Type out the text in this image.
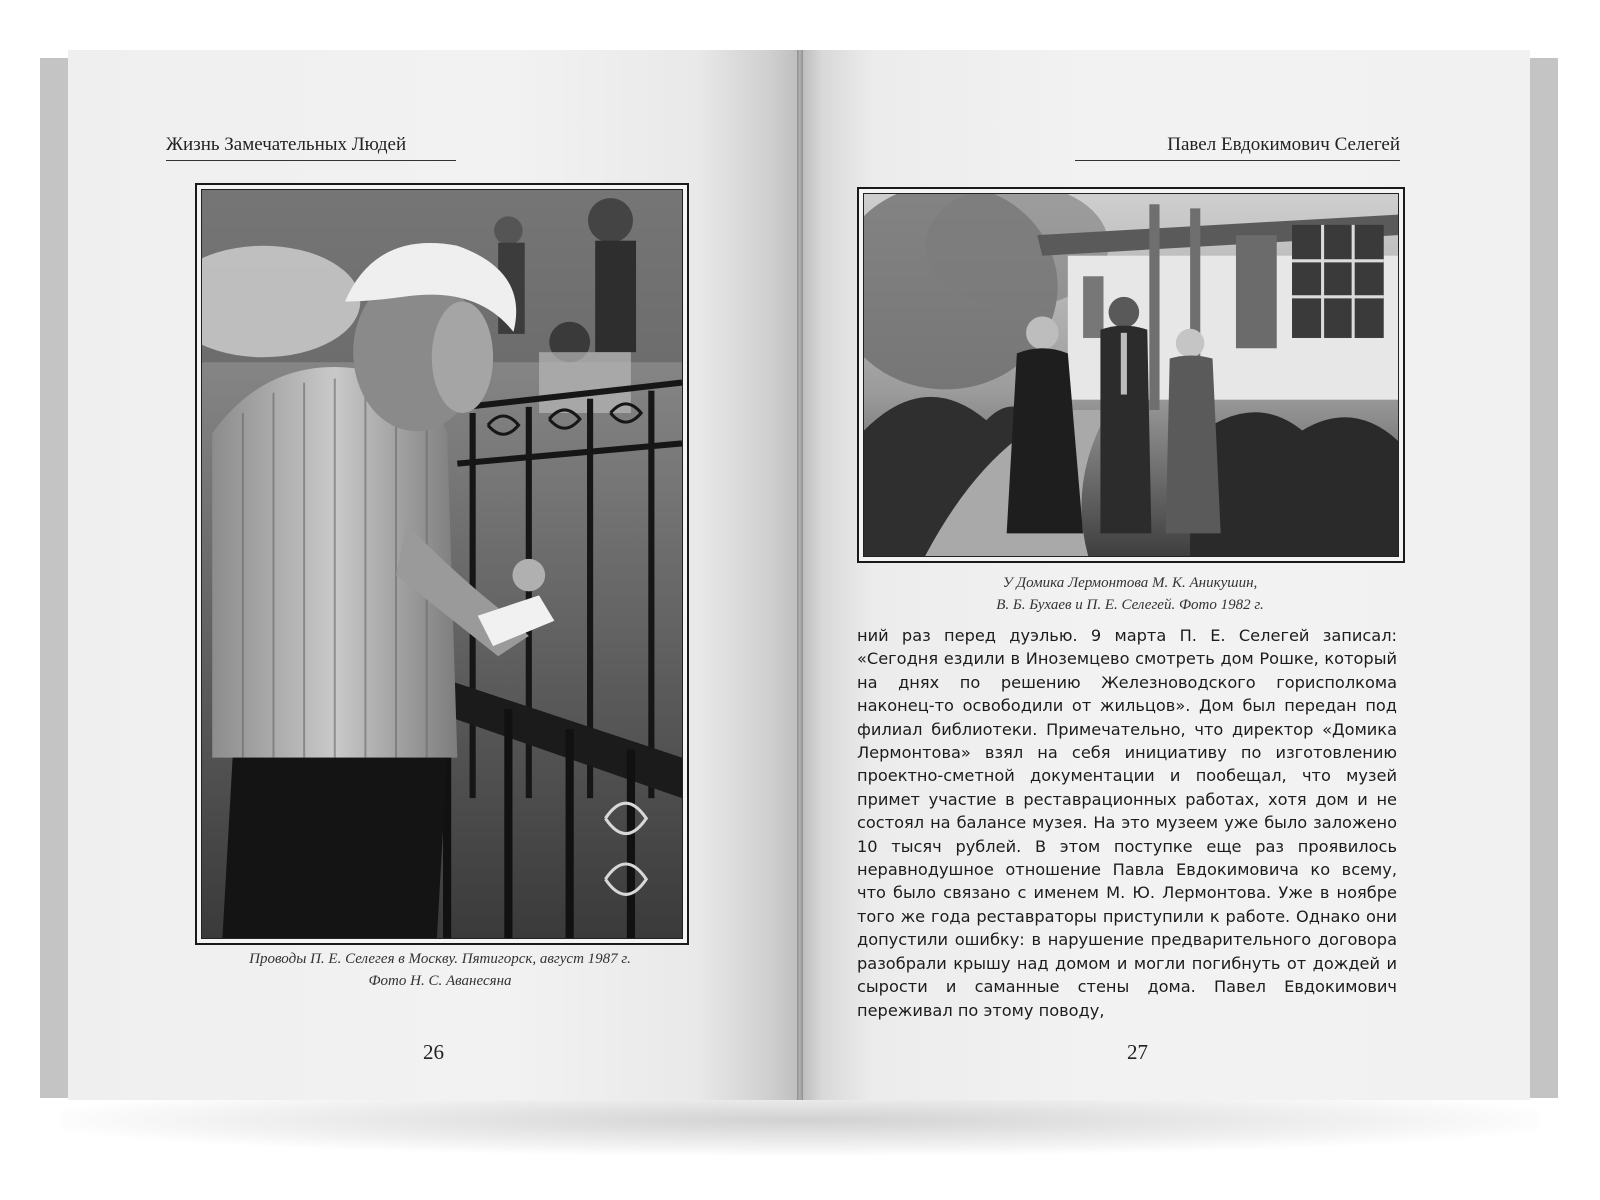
Жизнь Замечательных Людей
Проводы П. Е. Селегея в Москву. Пятигорск, август 1987 г.
Фото Н. С. Аванесяна
26
Павел Евдокимович Селегей
У Домика Лермонтова М. К. Аникушин,
В. Б. Бухаев и П. Е. Селегей. Фото 1982 г.

ний раз перед дуэлью. 9 марта П. Е. Селегей записал: «Сегодня ездили в Иноземцево смотреть дом Рошке, который на днях по решению Железноводского горисполкома наконец-то освободили от жильцов». Дом был передан под филиал библиотеки. Примечательно, что директор «Домика Лермонтова» взял на себя инициативу по изготовлению проектно-сметной документации и пообещал, что музей примет участие в реставрационных работах, хотя дом и не состоял на балансе музея. На это музеем уже было заложено 10 тысяч рублей. В этом поступке еще раз проявилось неравнодушное отношение Павла Евдокимовича ко всему, что было связано с именем М. Ю. Лермонтова. Уже в ноябре того же года реставраторы приступили к работе. Однако они допустили ошибку: в нарушение предварительного договора разобрали крышу над домом и могли погибнуть от дождей и сырости и саманные стены дома. Павел Евдокимович переживал по этому поводу,

27
